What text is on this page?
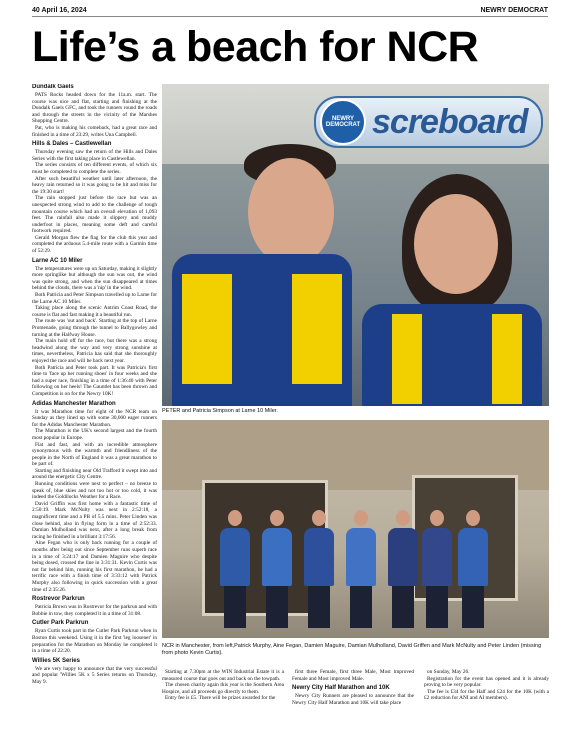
40 April 16, 2024	NEWRY DEMOCRAT
Life’s a beach for NCR
Dundalk Gaels

PATS Rocks headed down for the 11a.m. start. The course was nice and flat, starting and finishing at the Dundalk Gaels GFC, and took the runners round the roads and through the streets in the vicinity of the Marshes Shopping Centre.

Pat, who is making his comeback, had a great race and finished in a time of 23:29, writes Una Campbell.

Hills & Dales – Castlewellan

Thursday evening saw the return of the Hills and Dales Series with the first taking place in Castlewellan.

The series consists of ten different events, of which six must be completed to complete the series.

After such beautiful weather until later afternoon, the heavy rain returned so it was going to be hit and miss for the 19:30 start!

The rain stopped just before the race but was an unexpected strong wind to add to the challenge of tough mountain course which had an overall elevation of 1,093 feet. The rainfall also made it slippery and muddy underfoot in places, meaning some deft and careful footwork required.

Gerald Morgan flew the flag for the club this year and completed the arduous 5.4-mile route with a Garmin time of 52:29.

Larne AC 10 Miler

The temperatures were up on Saturday, making it slightly more springlike but although the sun was out, the wind was quite strong, and when the sun disappeared at times behind the clouds, there was a 'nip' in the wind.

Both Patricia and Peter Simpson travelled up to Larne for the Larne AC 10 Miler.

Taking place along the scenic Antrim Coast Road, the course is flat and fast making it a beautiful run.

The route was 'out and back'. Starting at the top of Larne Promenade, going through the tunnel to Ballygowley and turning at the Halfway House.

The main hold off for the race, but there was a strong headwind along the way and very strong sunshine at times, nevertheless, Patricia has said that she thoroughly enjoyed the race and will be back next year.

Both Patricia and Peter took part. It was Patricia's first time to 'face up her running shoes' in four weeks and she had a super race, finishing in a time of 1:36:40 with Peter following on her heels! The Gauntlet has been thrown and Competition is on for the Newry 10K!

Adidas Manchester Marathon

It was Marathon time for eight of the NCR team on Sunday as they lined up with some 30,000 eager runners for the Adidas Manchester Marathon.

The Marathon is the UK's second largest and the fourth most popular in Europe.

Flat and fast, and with an incredible atmosphere synonymous with the warmth and friendliness of the people in the North of England it was a great marathon to be part of.

Starting and finishing near Old Trafford it swept into and around the energetic City Centre.

Running conditions were next to perfect – no breeze to speak of, blue skies and not too hot or too cold, it was indeed the Goldilocks Weather for a Race.

David Griffin was first home with a fantastic time of 2:50:19. Mark McNulty was next in 2:52:18, a magnificent time and a PB of 5.5 mins. Peter Linden was close behind, also in flying form in a time of 2:52:33. Damian Mulholland was next, after a long break from racing he finished in a brilliant 3:17:56.

Aine Fegan who is only back running for a couple of months after being out since September runs superb race in a time of 3:24:17 and Damien Maguire who despite being dosed, crossed the line in 3:31:31. Kevin Curtis was not far behind him, running his first marathon, he had a terrific race with a finish time of 3:33:12 with Patrick Murphy also following in quick succession with a great time of 2:35:26.

Rostrevor Parkrun

Patricia Brown was in Rostrevor for the parkrun and with Bobbie in tow, they completed it in a time of 31:08.

Cutler Park Parkrun

Ryan Curtis took part in the Cutler Park Parkrun when in Boston this weekend. Using it in the first 'leg loosener' in preparation for the Marathon on Monday he completed it in a time of 22:20.

Willies 5K Series

We are very happy to announce that the very successful and popular 'Willies 5K x 5 Series returns on Thursday, May 9.

NEWRY DEMOCRAT screboard
PETER and Patricia Simpson at Larne 10 Miler.
NCR in Manchester, from left,Patrick Murphy, Aine Fegan, Damien Maguire, Damian Mulholland, David Griffen and Mark McNulty and Peter Linden (missing from photo Kevin Curtis).

Starting at 7.30pm at the WIN Industrial Estate it is a measured course that goes out and back on the towpath.

The chosen charity again this year is the Southern Area Hospice, and all proceeds go directly to them.

Entry fee is £5. There will be prizes awarded for the

first three Female, first three Male, Most improved Female and Most improved Male.

Newry City Half Marathon and 10K

Newry City Runners are pleased to announce that the Newry City Half Marathon and 10K will take place

on Sunday, May 26.

Registration for the event has opened and it is already proving to be very popular.

The fee is £34 for the Half and £24 for the 10K (with a £2 reduction for ANI and AI members).
